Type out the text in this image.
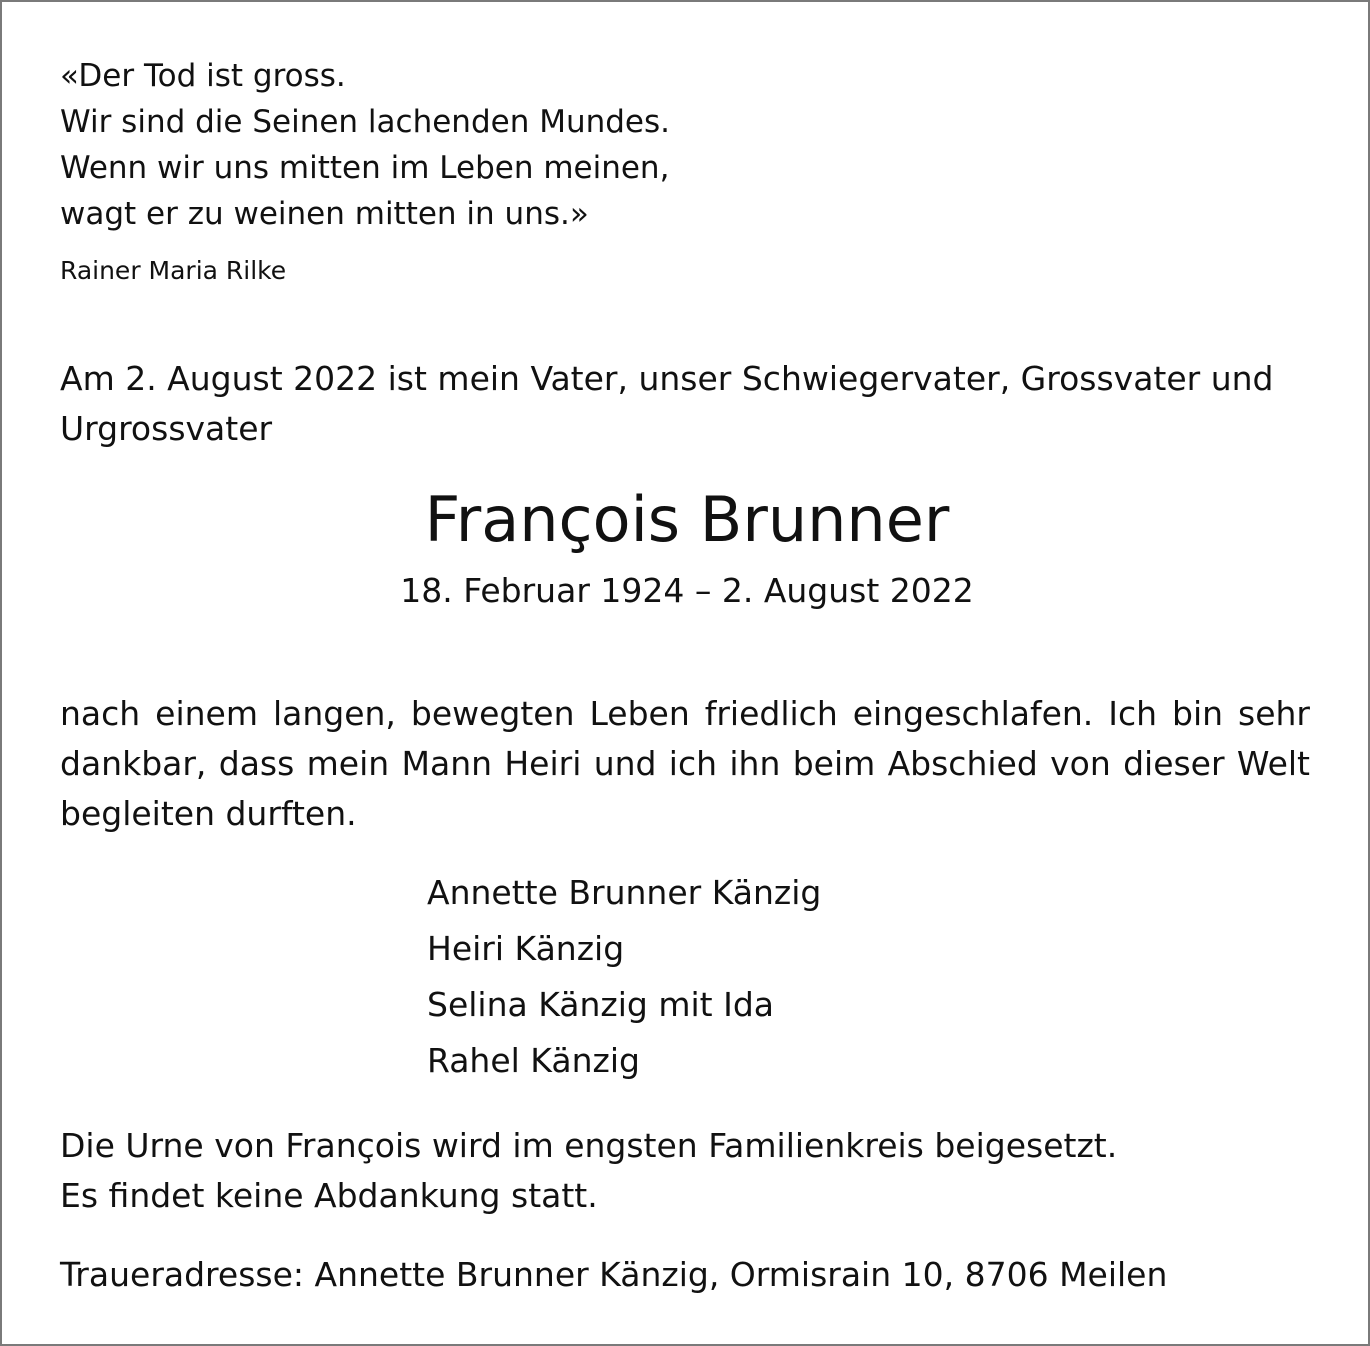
«Der Tod ist gross.
Wir sind die Seinen lachenden Mundes.
Wenn wir uns mitten im Leben meinen,
wagt er zu weinen mitten in uns.»
Rainer Maria Rilke
Am 2. August 2022 ist mein Vater, unser Schwiegervater, Grossvater und Urgrossvater
François Brunner
18. Februar 1924 – 2. August 2022
nach einem langen, bewegten Leben friedlich eingeschlafen. Ich bin sehr dankbar, dass mein Mann Heiri und ich ihn beim Abschied von dieser Welt begleiten durften.
Annette Brunner Känzig
Heiri Känzig
Selina Känzig mit Ida
Rahel Känzig
Die Urne von François wird im engsten Familienkreis beigesetzt.
Es findet keine Abdankung statt.
Traueradresse: Annette Brunner Känzig, Ormisrain 10, 8706 Meilen
